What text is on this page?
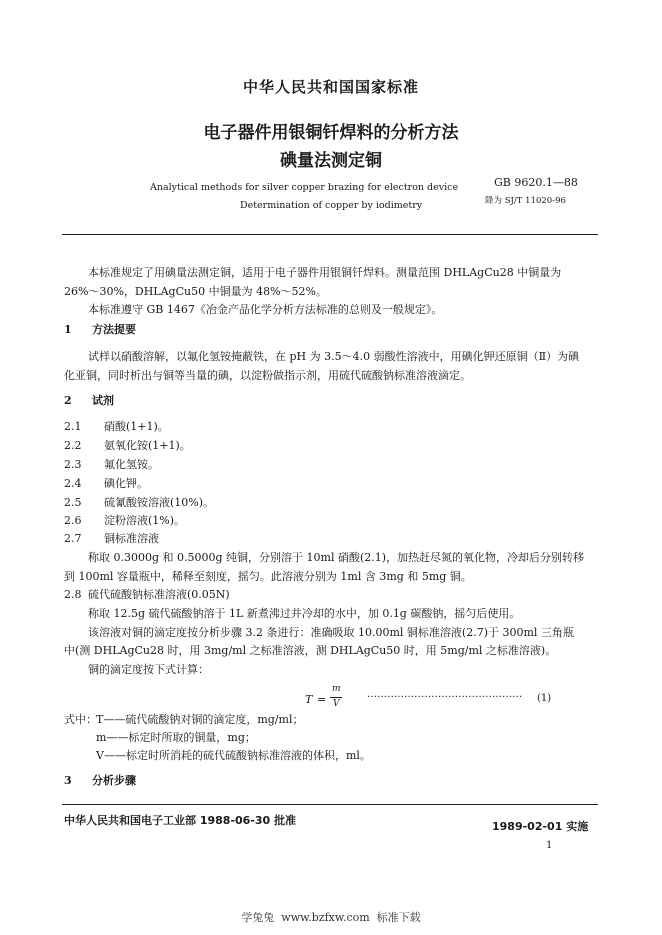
中华人民共和国国家标准
电子器件用银铜钎焊料的分析方法
碘量法测定铜
Analytical methods for silver copper brazing for electron device
Determination of copper by iodimetry
GB 9620.1—88
降为 SJ/T 11020-96
本标准规定了用碘量法测定铜，适用于电子器件用银铜钎焊料。测量范围 DHLAgCu28 中铜量为
26%～30%，DHLAgCu50 中铜量为 48%～52%。
本标准遵守 GB 1467《冶金产品化学分析方法标准的总则及一般规定》。
1 方法提要
试样以硝酸溶解，以氟化氢铵掩蔽铁，在 pH 为 3.5～4.0 弱酸性溶液中，用碘化钾还原铜（Ⅱ）为碘
化亚铜，同时析出与铜等当量的碘，以淀粉做指示剂，用硫代硫酸钠标准溶液滴定。
2 试剂
2.1 硝酸(1+1)。
2.2 氨氧化铵(1+1)。
2.3 氟化氢铵。
2.4 碘化钾。
2.5 硫氰酸铵溶液(10%)。
2.6 淀粉溶液(1%)。
2.7 铜标准溶液
称取 0.3000g 和 0.5000g 纯铜，分别溶于 10ml 硝酸(2.1)，加热赶尽氮的氧化物，冷却后分别转移
到 100ml 容量瓶中，稀释至刻度，摇匀。此溶液分别为 1ml 含 3mg 和 5mg 铜。
2.8 硫代硫酸钠标准溶液(0.05N)
称取 12.5g 硫代硫酸钠溶于 1L 新煮沸过并冷却的水中，加 0.1g 碳酸钠，摇匀后使用。
该溶液对铜的滴定度按分析步骤 3.2 条进行：准确吸取 10.00ml 铜标准溶液(2.7)于 300ml 三角瓶
中(测 DHLAgCu28 时，用 3mg/ml 之标准溶液，测 DHLAgCu50 时，用 5mg/ml 之标准溶液)。
铜的滴定度按下式计算：
T =
m
V
·············································· (1)
式中： T——硫代硫酸钠对铜的滴定度，mg/ml；
m——标定时所取的铜量，mg；
V——标定时所消耗的硫代硫酸钠标准溶液的体积，ml。
3 分析步骤
中华人民共和国电子工业部 1988-06-30 批准	1989-02-01 实施
1
学兔兔  www.bzfxw.com  标准下载
